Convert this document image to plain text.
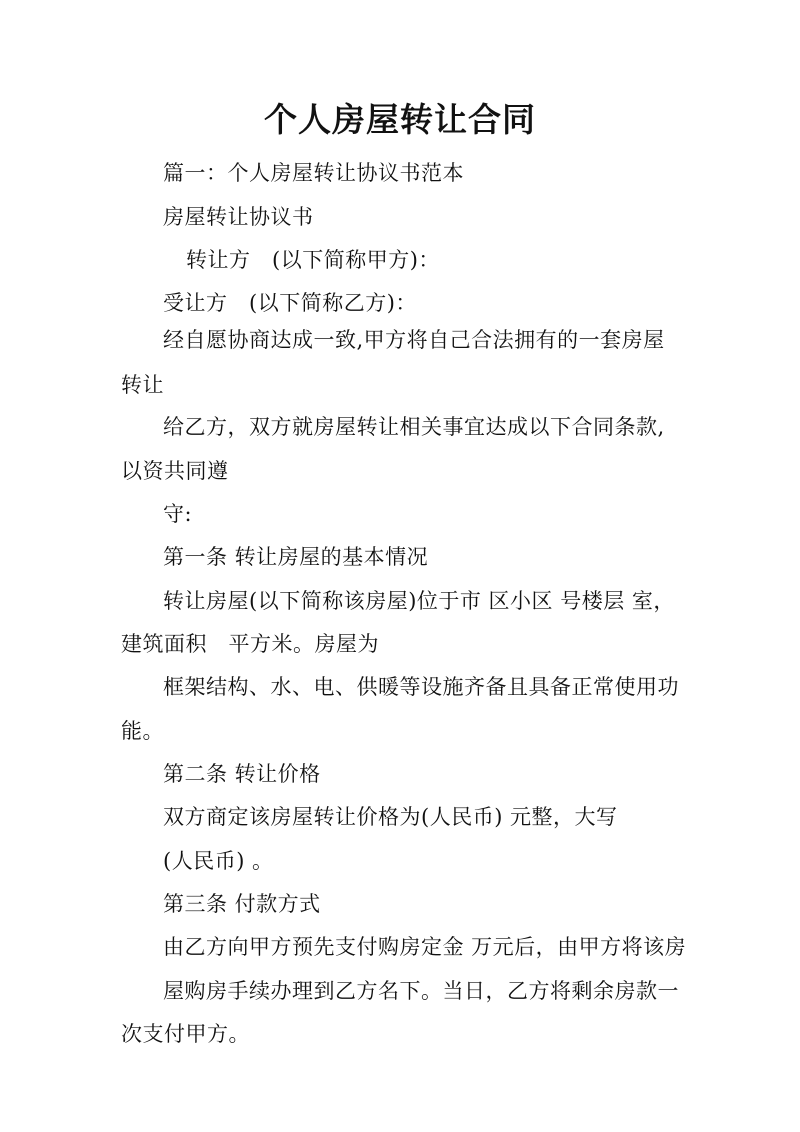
个人房屋转让合同
篇一：个人房屋转让协议书范本
房屋转让协议书
转让方　(以下简称甲方)：
受让方　(以下简称乙方)：
经自愿协商达成一致,甲方将自己合法拥有的一套房屋
转让
给乙方，双方就房屋转让相关事宜达成以下合同条款,
以资共同遵
守:
第一条 转让房屋的基本情况
转让房屋(以下简称该房屋)位于市 区小区 号楼层 室，
建筑面积　平方米。房屋为
框架结构、水、电、供暖等设施齐备且具备正常使用功
能。
第二条 转让价格
双方商定该房屋转让价格为(人民币) 元整，大写
(人民币) 。
第三条 付款方式
由乙方向甲方预先支付购房定金 万元后，由甲方将该房
屋购房手续办理到乙方名下。当日，乙方将剩余房款一
次支付甲方。
